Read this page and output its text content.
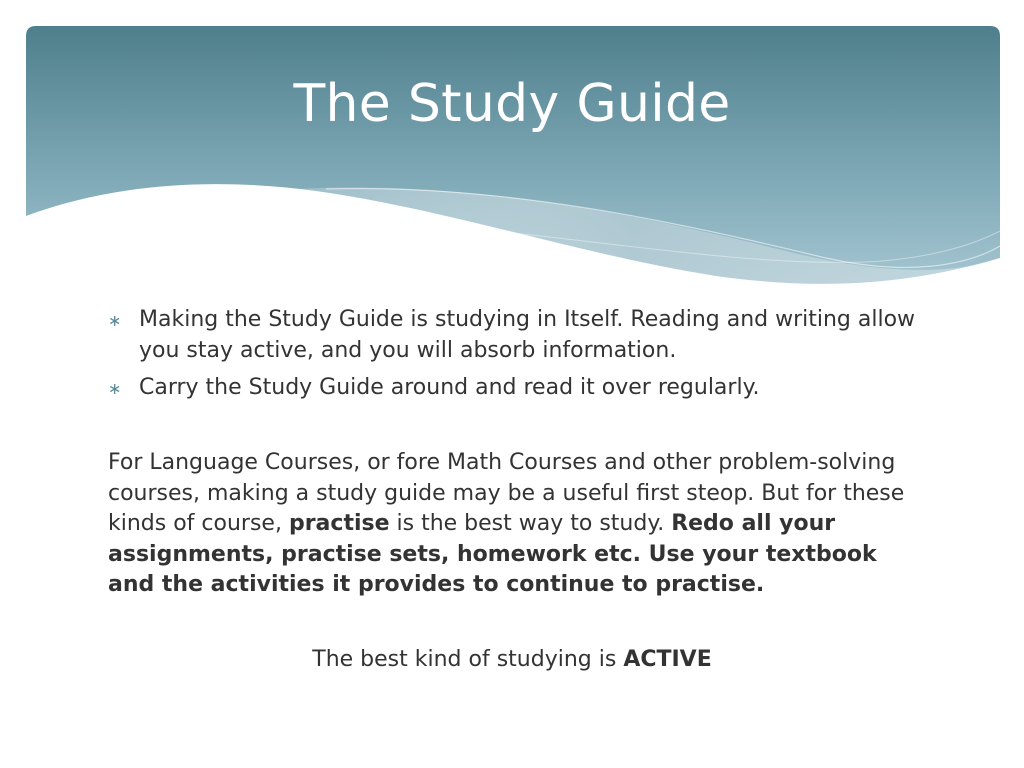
The Study Guide
∗ Making the Study Guide is studying in Itself. Reading and writing allow you stay active, and you will absorb information.
∗ Carry the Study Guide around and read it over regularly.

For Language Courses, or fore Math Courses and other problem-solving courses, making a study guide may be a useful first steop. But for these kinds of course, practise is the best way to study. Redo all your assignments, practise sets, homework etc. Use your textbook and the activities it provides to continue to practise.

The best kind of studying is ACTIVE
